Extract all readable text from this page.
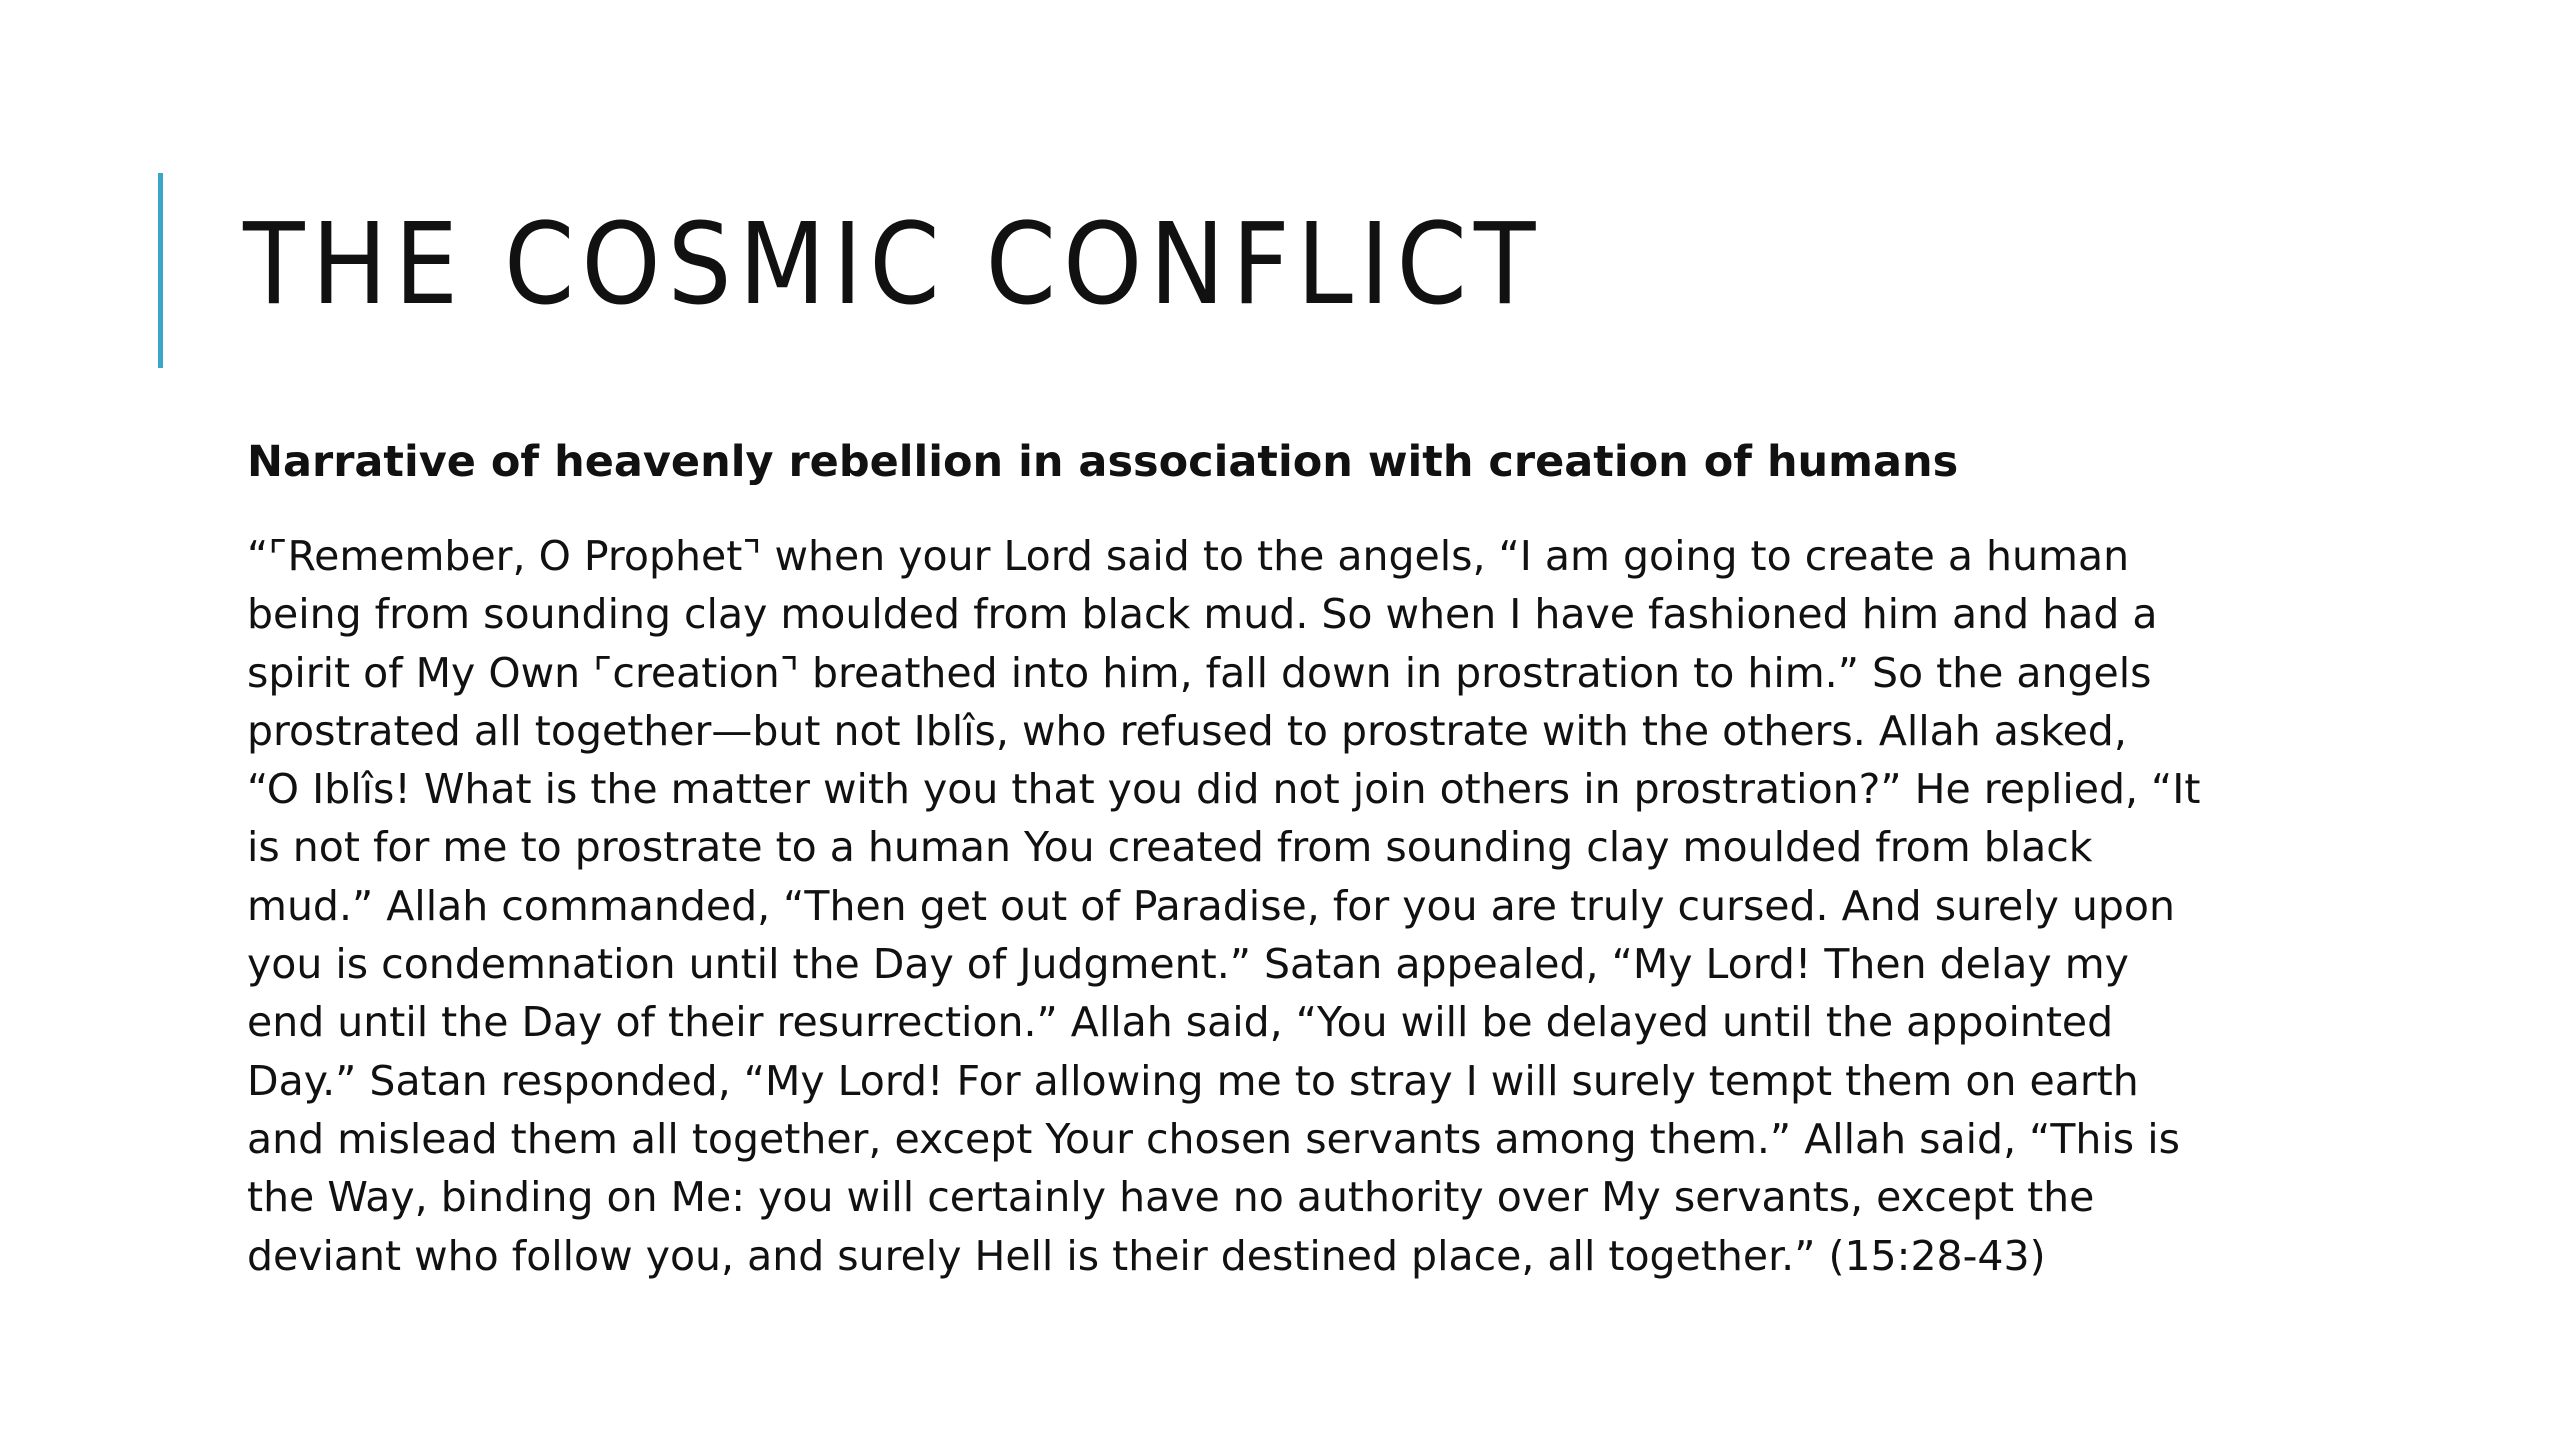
THE COSMIC CONFLICT

Narrative of heavenly rebellion in association with creation of humans

“⌜Remember, O Prophet⌝ when your Lord said to the angels, “I am going to create a human
being from sounding clay moulded from black mud. So when I have fashioned him and had a
spirit of My Own ⌜creation⌝ breathed into him, fall down in prostration to him.” So the angels
prostrated all together—but not Iblîs, who refused to prostrate with the others. Allah asked,
“O Iblîs! What is the matter with you that you did not join others in prostration?” He replied, “It
is not for me to prostrate to a human You created from sounding clay moulded from black
mud.” Allah commanded, “Then get out of Paradise, for you are truly cursed. And surely upon
you is condemnation until the Day of Judgment.” Satan appealed, “My Lord! Then delay my
end until the Day of their resurrection.” Allah said, “You will be delayed until the appointed
Day.” Satan responded, “My Lord! For allowing me to stray I will surely tempt them on earth
and mislead them all together, except Your chosen servants among them.” Allah said, “This is
the Way, binding on Me: you will certainly have no authority over My servants, except the
deviant who follow you, and surely Hell is their destined place, all together.” (15:28-43)
